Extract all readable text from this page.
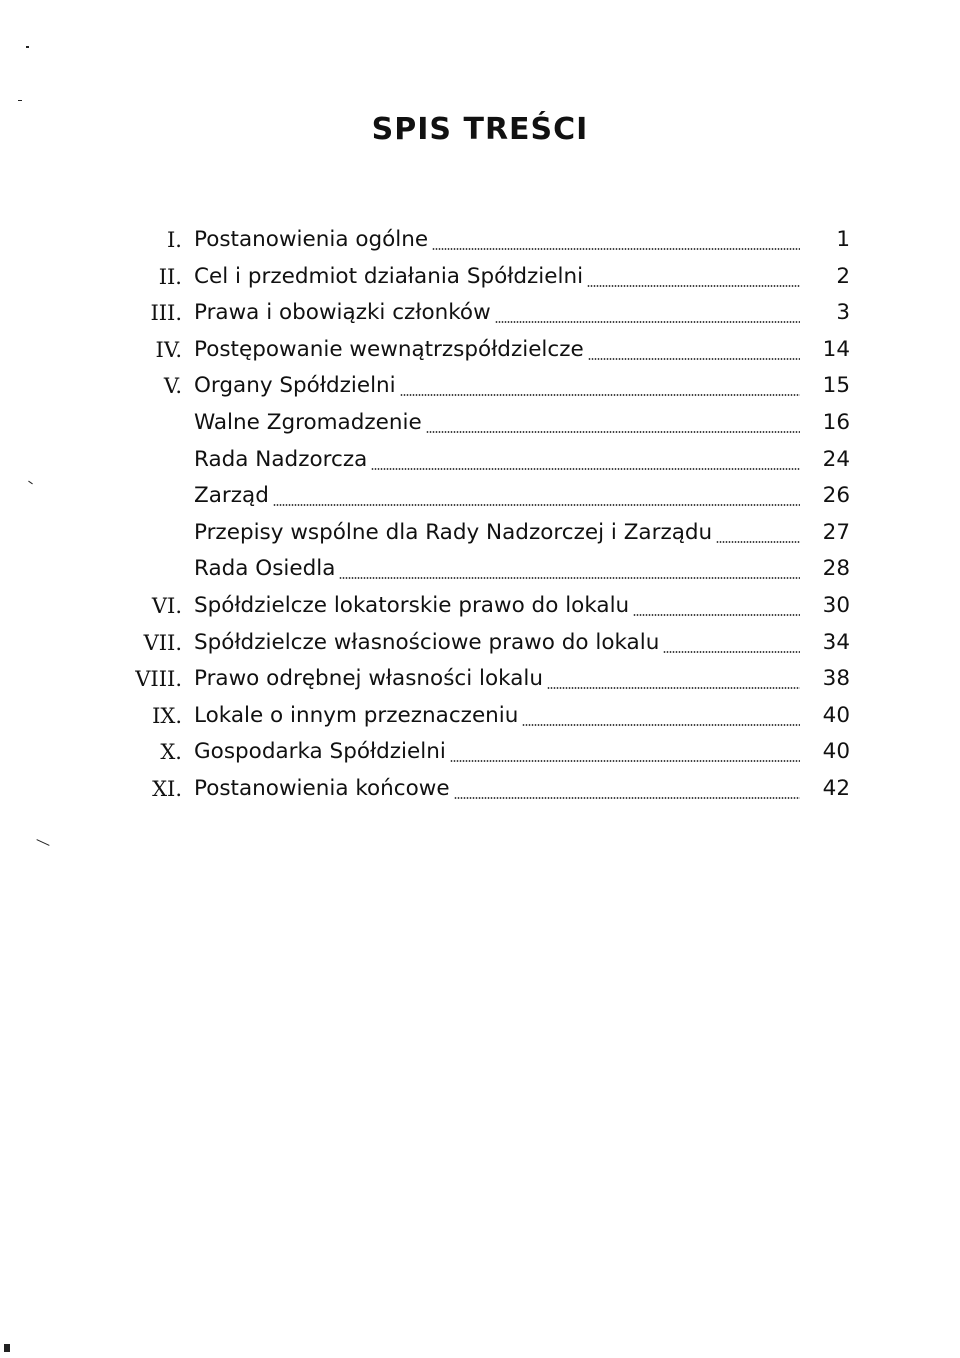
SPIS TREŚCI
I. Postanowienia ogólne	1
II. Cel i przedmiot działania Spółdzielni	2
III. Prawa i obowiązki członków	3
IV. Postępowanie wewnątrzspółdzielcze	14
V. Organy Spółdzielni	15
Walne Zgromadzenie	16
Rada Nadzorcza	24
Zarząd	26
Przepisy wspólne dla Rady Nadzorczej i Zarządu	27
Rada Osiedla	28
VI. Spółdzielcze lokatorskie prawo do lokalu	30
VII. Spółdzielcze własnościowe prawo do lokalu	34
VIII. Prawo odrębnej własności lokalu	38
IX. Lokale o innym przeznaczeniu	40
X. Gospodarka Spółdzielni	40
XI. Postanowienia końcowe	42
